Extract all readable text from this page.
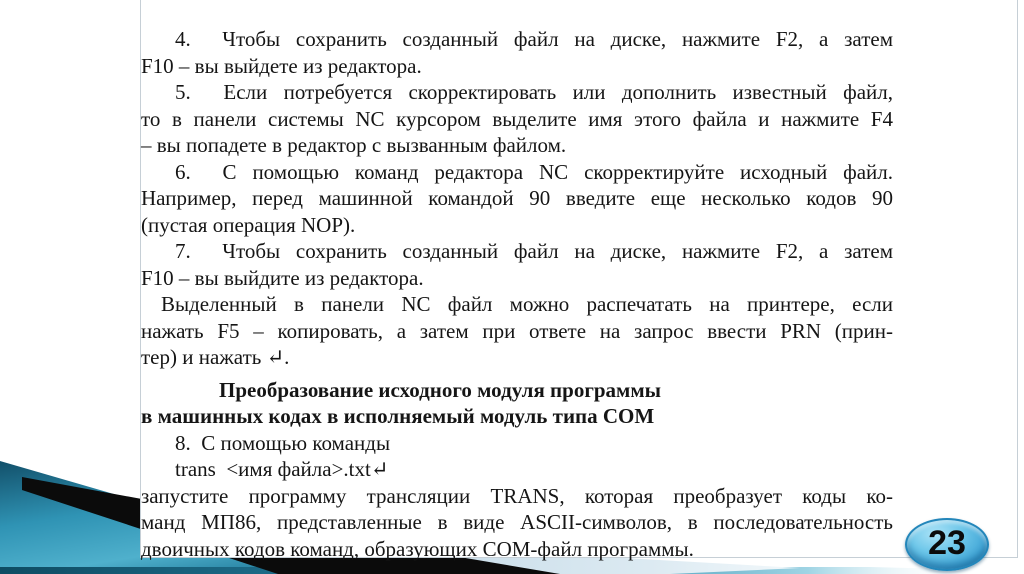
4.  Чтобы сохранить созданный файл на диске, нажмите F2, а затем
F10 – вы выйдете из редактора.
5.  Если потребуется скорректировать или дополнить известный файл,
то в панели системы NC курсором выделите имя этого файла и нажмите F4
– вы попадете в редактор с вызванным файлом.
6.  С помощью команд редактора NC скорректируйте исходный файл.
Например, перед машинной командой 90 введите еще несколько кодов 90
(пустая операция NOP).
7.  Чтобы сохранить созданный файл на диске, нажмите F2, а затем
F10 – вы выйдите из редактора.
Выделенный в панели NC файл можно распечатать на принтере, если
нажать F5 – копировать, а затем при ответе на запрос ввести PRN (прин-
тер) и нажать ↵.
Преобразование исходного модуля программы
в машинных кодах в исполняемый модуль типа COM
8.  С помощью команды
trans  <имя файла>.txt↵
запустите программу трансляции TRANS, которая преобразует коды ко-
манд МП86, представленные в виде ASCII-символов, в последовательность
двоичных кодов команд, образующих COM-файл программы.	23
